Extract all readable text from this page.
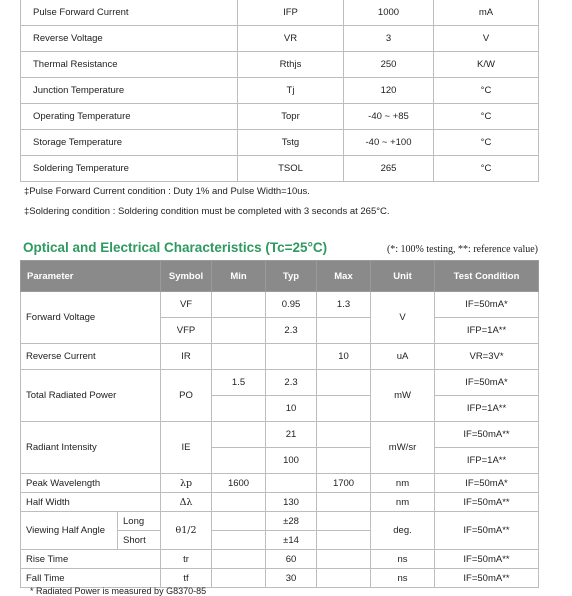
Pulse Forward Current	IFP	1000	mA
Reverse Voltage	VR	3	V
Thermal Resistance	Rthjs	250	K/W
Junction Temperature	Tj	120	°C
Operating Temperature	Topr	-40 ~ +85	°C
Storage Temperature	Tstg	-40 ~ +100	°C
Soldering Temperature	TSOL	265	°C
‡Pulse Forward Current condition : Duty 1% and Pulse Width=10us.
‡Soldering condition : Soldering condition must be completed with 3 seconds at 265°C.
Optical and Electrical Characteristics (Tc=25°C)	(*: 100% testing, **: reference value)
Parameter		Symbol	Min	Typ	Max	Unit	Test Condition
Forward Voltage		VF		0.95	1.3	V	IF=50mA*
		VFP		2.3			IFP=1A**
Reverse Current		IR			10	uA	VR=3V*
Total Radiated Power		PO	1.5	2.3		mW	IF=50mA*
				10			IFP=1A**
Radiant Intensity		IE		21		mW/sr	IF=50mA**
				100			IFP=1A**
Peak Wavelength		λp	1600		1700	nm	IF=50mA*
Half Width		Δλ		130		nm	IF=50mA**
Viewing Half Angle	Long	θ1/2		±28		deg.	IF=50mA**
	Short			±14			
Rise Time		tr		60		ns	IF=50mA**
Fall Time		tf		30		ns	IF=50mA**
* Radiated Power is measured by G8370-85
